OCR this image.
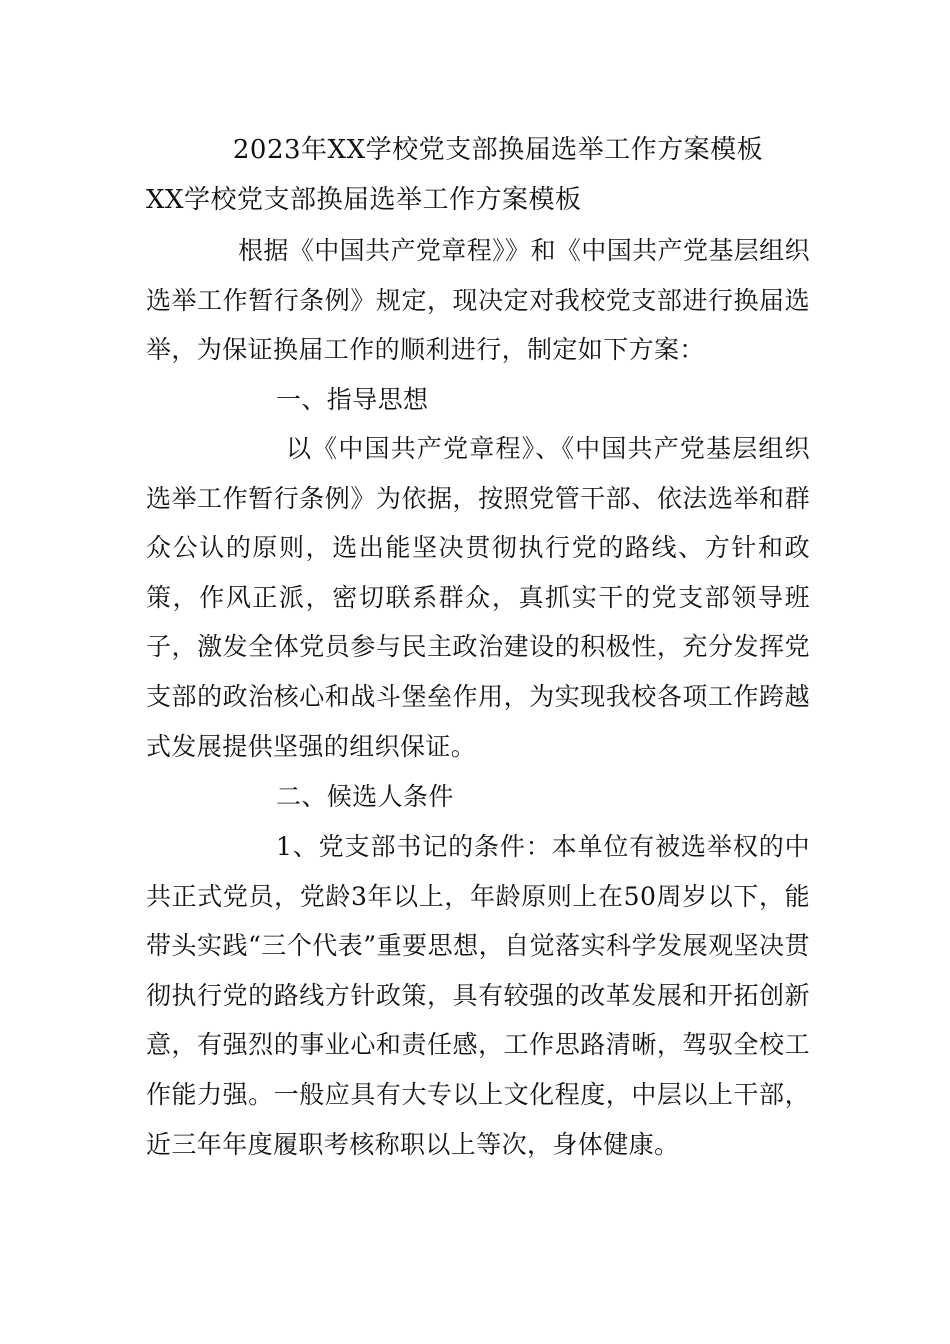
2023年XX学校党支部换届选举工作方案模板
XX学校党支部换届选举工作方案模板
根据《中国共产党章程》》和《中国共产党基层组织选举工作暂行条例》规定，现决定对我校党支部进行换届选举，为保证换届工作的顺利进行，制定如下方案：
一、指导思想
以《中国共产党章程》、《中国共产党基层组织选举工作暂行条例》为依据，按照党管干部、依法选举和群众公认的原则，选出能坚决贯彻执行党的路线、方针和政策，作风正派，密切联系群众，真抓实干的党支部领导班子，激发全体党员参与民主政治建设的积极性，充分发挥党支部的政治核心和战斗堡垒作用，为实现我校各项工作跨越式发展提供坚强的组织保证。
二、候选人条件
1、党支部书记的条件：本单位有被选举权的中共正式党员，党龄3年以上，年龄原则上在50周岁以下，能带头实践“三个代表”重要思想，自觉落实科学发展观坚决贯彻执行党的路线方针政策，具有较强的改革发展和开拓创新意，有强烈的事业心和责任感，工作思路清晰，驾驭全校工作能力强。一般应具有大专以上文化程度，中层以上干部，近三年年度履职考核称职以上等次，身体健康。
